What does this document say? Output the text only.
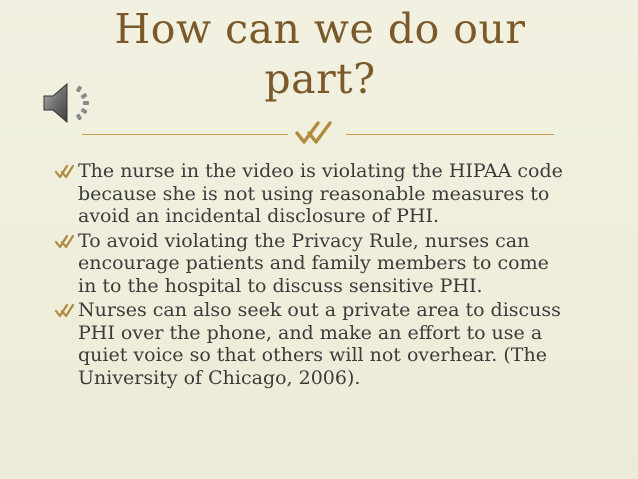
How can we do our
part?
The nurse in the video is violating the HIPAA code because she is not using reasonable measures to avoid an incidental disclosure of PHI.
To avoid violating the Privacy Rule, nurses can encourage patients and family members to come in to the hospital to discuss sensitive PHI.
Nurses can also seek out a private area to discuss PHI over the phone, and make an effort to use a quiet voice so that others will not overhear. (The University of Chicago, 2006).
